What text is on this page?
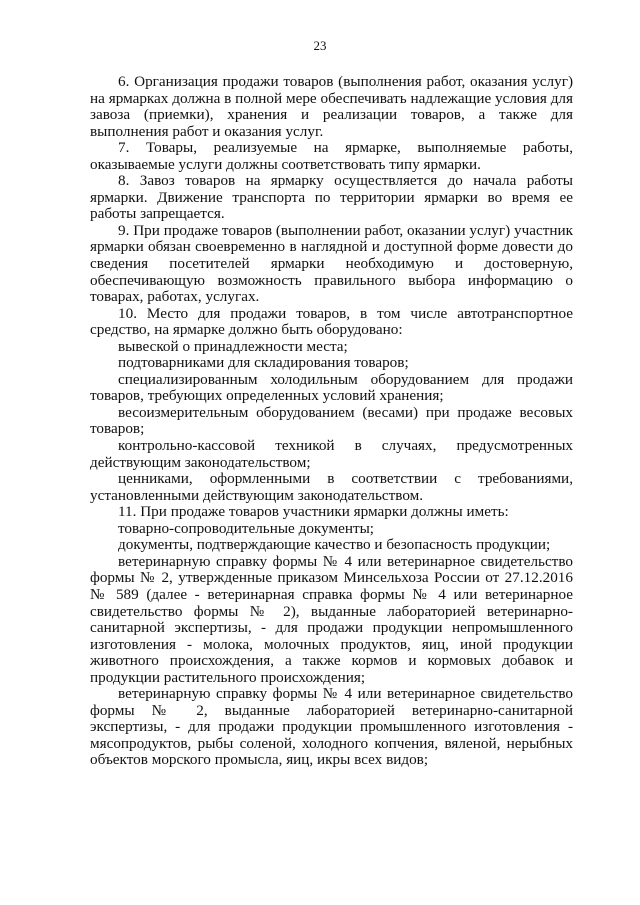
23

6. Организация продажи товаров (выполнения работ, оказания услуг) на ярмарках должна в полной мере обеспечивать надлежащие условия для завоза (приемки), хранения и реализации товаров, а также для выполнения работ и оказания услуг.

7. Товары, реализуемые на ярмарке, выполняемые работы, оказываемые услуги должны соответствовать типу ярмарки.

8. Завоз товаров на ярмарку осуществляется до начала работы ярмарки. Движение транспорта по территории ярмарки во время ее работы запрещается.

9. При продаже товаров (выполнении работ, оказании услуг) участник ярмарки обязан своевременно в наглядной и доступной форме довести до сведения посетителей ярмарки необходимую и достоверную, обеспечивающую возможность правильного выбора информацию о товарах, работах, услугах.

10. Место для продажи товаров, в том числе автотранспортное средство, на ярмарке должно быть оборудовано:

вывеской о принадлежности места;

подтоварниками для складирования товаров;

специализированным холодильным оборудованием для продажи товаров, требующих определенных условий хранения;

весоизмерительным оборудованием (весами) при продаже весовых товаров;

контрольно-кассовой техникой в случаях, предусмотренных действующим законодательством;

ценниками, оформленными в соответствии с требованиями, установленными действующим законодательством.

11. При продаже товаров участники ярмарки должны иметь:

товарно-сопроводительные документы;

документы, подтверждающие качество и безопасность продукции;

ветеринарную справку формы № 4 или ветеринарное свидетельство формы № 2, утвержденные приказом Минсельхоза России от 27.12.2016 № 589 (далее - ветеринарная справка формы № 4 или ветеринарное свидетельство формы № 2), выданные лабораторией ветеринарно-санитарной экспертизы, - для продажи продукции непромышленного изготовления - молока, молочных продуктов, яиц, иной продукции животного происхождения, а также кормов и кормовых добавок и продукции растительного происхождения;

ветеринарную справку формы № 4 или ветеринарное свидетельство формы № 2, выданные лабораторией ветеринарно-санитарной экспертизы, - для продажи продукции промышленного изготовления - мясопродуктов, рыбы соленой, холодного копчения, вяленой, нерыбных объектов морского промысла, яиц, икры всех видов;
